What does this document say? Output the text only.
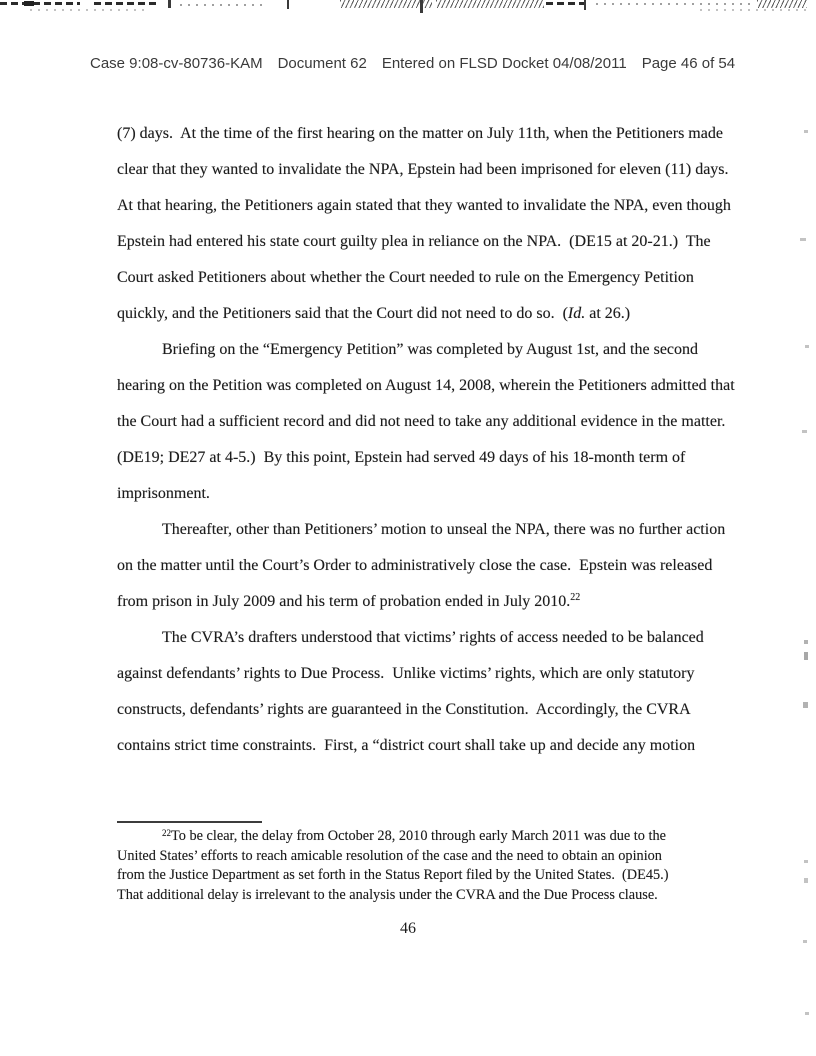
Case 9:08-cv-80736-KAM Document 62 Entered on FLSD Docket 04/08/2011 Page 46 of 54
(7) days.  At the time of the first hearing on the matter on July 11th, when the Petitioners made
clear that they wanted to invalidate the NPA, Epstein had been imprisoned for eleven (11) days.
At that hearing, the Petitioners again stated that they wanted to invalidate the NPA, even though
Epstein had entered his state court guilty plea in reliance on the NPA.  (DE15 at 20-21.)  The
Court asked Petitioners about whether the Court needed to rule on the Emergency Petition
quickly, and the Petitioners said that the Court did not need to do so.  (Id. at 26.)
Briefing on the “Emergency Petition” was completed by August 1st, and the second
hearing on the Petition was completed on August 14, 2008, wherein the Petitioners admitted that
the Court had a sufficient record and did not need to take any additional evidence in the matter.
(DE19; DE27 at 4-5.)  By this point, Epstein had served 49 days of his 18-month term of
imprisonment.
Thereafter, other than Petitioners’ motion to unseal the NPA, there was no further action
on the matter until the Court’s Order to administratively close the case.  Epstein was released
from prison in July 2009 and his term of probation ended in July 2010.22
The CVRA’s drafters understood that victims’ rights of access needed to be balanced
against defendants’ rights to Due Process.  Unlike victims’ rights, which are only statutory
constructs, defendants’ rights are guaranteed in the Constitution.  Accordingly, the CVRA
contains strict time constraints.  First, a “district court shall take up and decide any motion
$^{22}$To be clear, the delay from October 28, 2010 through early March 2011 was due to the
United States’ efforts to reach amicable resolution of the case and the need to obtain an opinion
from the Justice Department as set forth in the Status Report filed by the United States.  (DE45.)
That additional delay is irrelevant to the analysis under the CVRA and the Due Process clause.
46
